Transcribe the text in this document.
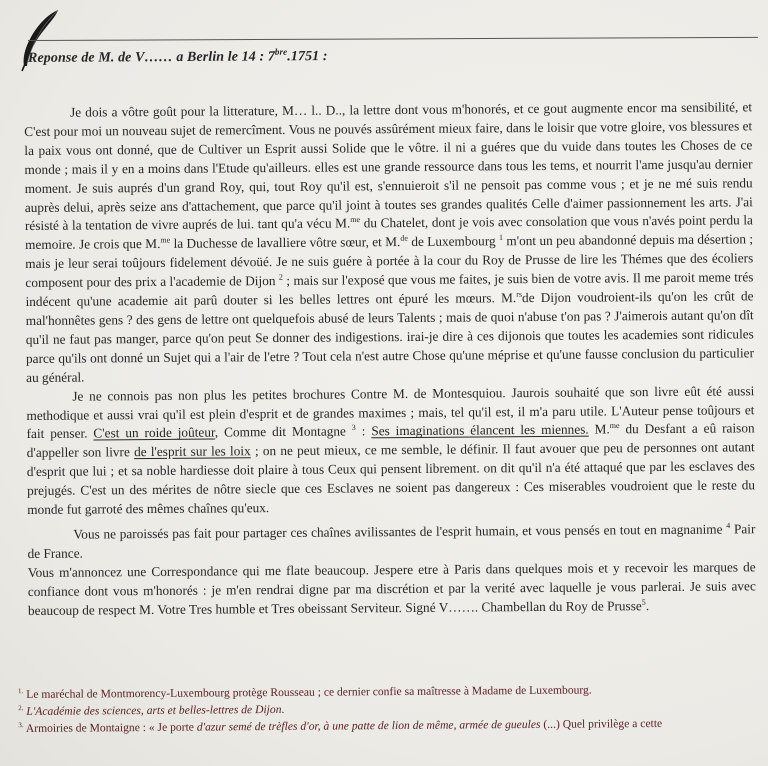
Reponse de M. de V…… a Berlin le 14 : $7^{bre}.1751$ :

Je dois a vôtre goût pour la litterature, M… l.. D.., la lettre dont vous m'honorés, et ce gout augmente encor ma sensibilité, et C'est pour moi un nouveau sujet de remercîment. Vous ne pouvés assûrément mieux faire, dans le loisir que votre gloire, vos blessures et la paix vous ont donné, que de Cultiver un Esprit aussi Solide que le vôtre. il ni a guéres que du vuide dans toutes les Choses de ce monde ; mais il y en a moins dans l'Etude qu'ailleurs. elles est une grande ressource dans tous les tems, et nourrit l'ame jusqu'au dernier moment. Je suis auprés d'un grand Roy, qui, tout Roy qu'il est, s'ennuieroit s'il ne pensoit pas comme vous ; et je ne mé suis rendu auprès delui, après seize ans d'attachement, que parce qu'il joint à toutes ses grandes qualités Celle d'aimer passionnement les arts. J'ai résisté à la tentation de vivre auprés de lui. tant qu'a vécu M.$^{me}$ du Chatelet, dont je vois avec consolation que vous n'avés point perdu la memoire. Je crois que M.$^{me}$ la Duchesse de lavalliere vôtre sœur, et M.$^{de}$ de Luxembourg $^1$ m'ont un peu abandonné depuis ma désertion ; mais je leur serai toûjours fidelement dévoüé. Je ne suis guére à portée à la cour du Roy de Prusse de lire les Thémes que des écoliers composent pour des prix a l'academie de Dijon $^2$ ; mais sur l'exposé que vous me faites, je suis bien de votre avis. Il me paroit meme trés indécent qu'une academie ait parû douter si les belles lettres ont épuré les mœurs. M.$^{rs}$de Dijon voudroient-ils qu'on les crût de mal'honnêtes gens ? des gens de lettre ont quelquefois abusé de leurs Talents ; mais de quoi n'abuse t'on pas ? J'aimerois autant qu'on dît qu'il ne faut pas manger, parce qu'on peut Se donner des indigestions. irai-je dire à ces dijonois que toutes les academies sont ridicules parce qu'ils ont donné un Sujet qui a l'air de l'etre ? Tout cela n'est autre Chose qu'une méprise et qu'une fausse conclusion du particulier au général.

Je ne connois pas non plus les petites brochures Contre M. de Montesquiou. Jaurois souhaité que son livre eût été aussi methodique et aussi vrai qu'il est plein d'esprit et de grandes maximes ; mais, tel qu'il est, il m'a paru utile. L'Auteur pense toûjours et fait penser. C'est un roide joûteur, Comme dit Montagne $^3$ : Ses imaginations élancent les miennes. M.$^{me}$ du Desfant a eû raison d'appeller son livre de l'esprit sur les loix ; on ne peut mieux, ce me semble, le définir. Il faut avouer que peu de personnes ont autant d'esprit que lui ; et sa noble hardiesse doit plaire à tous Ceux qui pensent librement. on dit qu'il n'a été attaqué que par les esclaves des prejugés. C'est un des mérites de nôtre siecle que ces Esclaves ne soient pas dangereux : Ces miserables voudroient que le reste du monde fut garroté des mêmes chaînes qu'eux.

Vous ne paroissés pas fait pour partager ces chaînes avilissantes de l'esprit humain, et vous pensés en tout en magnanime $^4$ Pair de France.

Vous m'annoncez une Correspondance qui me flate beaucoup. Jespere etre à Paris dans quelques mois et y recevoir les marques de confiance dont vous m'honorés : je m'en rendrai digne par ma discrétion et par la verité avec laquelle je vous parlerai. Je suis avec beaucoup de respect M. Votre Tres humble et Tres obeissant Serviteur. Signé V……. Chambellan du Roy de Prusse$^5$.

$^{1.}$ Le maréchal de Montmorency-Luxembourg protège Rousseau ; ce dernier confie sa maîtresse à Madame de Luxembourg.
$^{2.}$ L'Académie des sciences, arts et belles-lettres de Dijon.
$^{3.}$ Armoiries de Montaigne : « Je porte d'azur semé de trèfles d'or, à une patte de lion de même, armée de gueules (...) Quel privilège a cette
